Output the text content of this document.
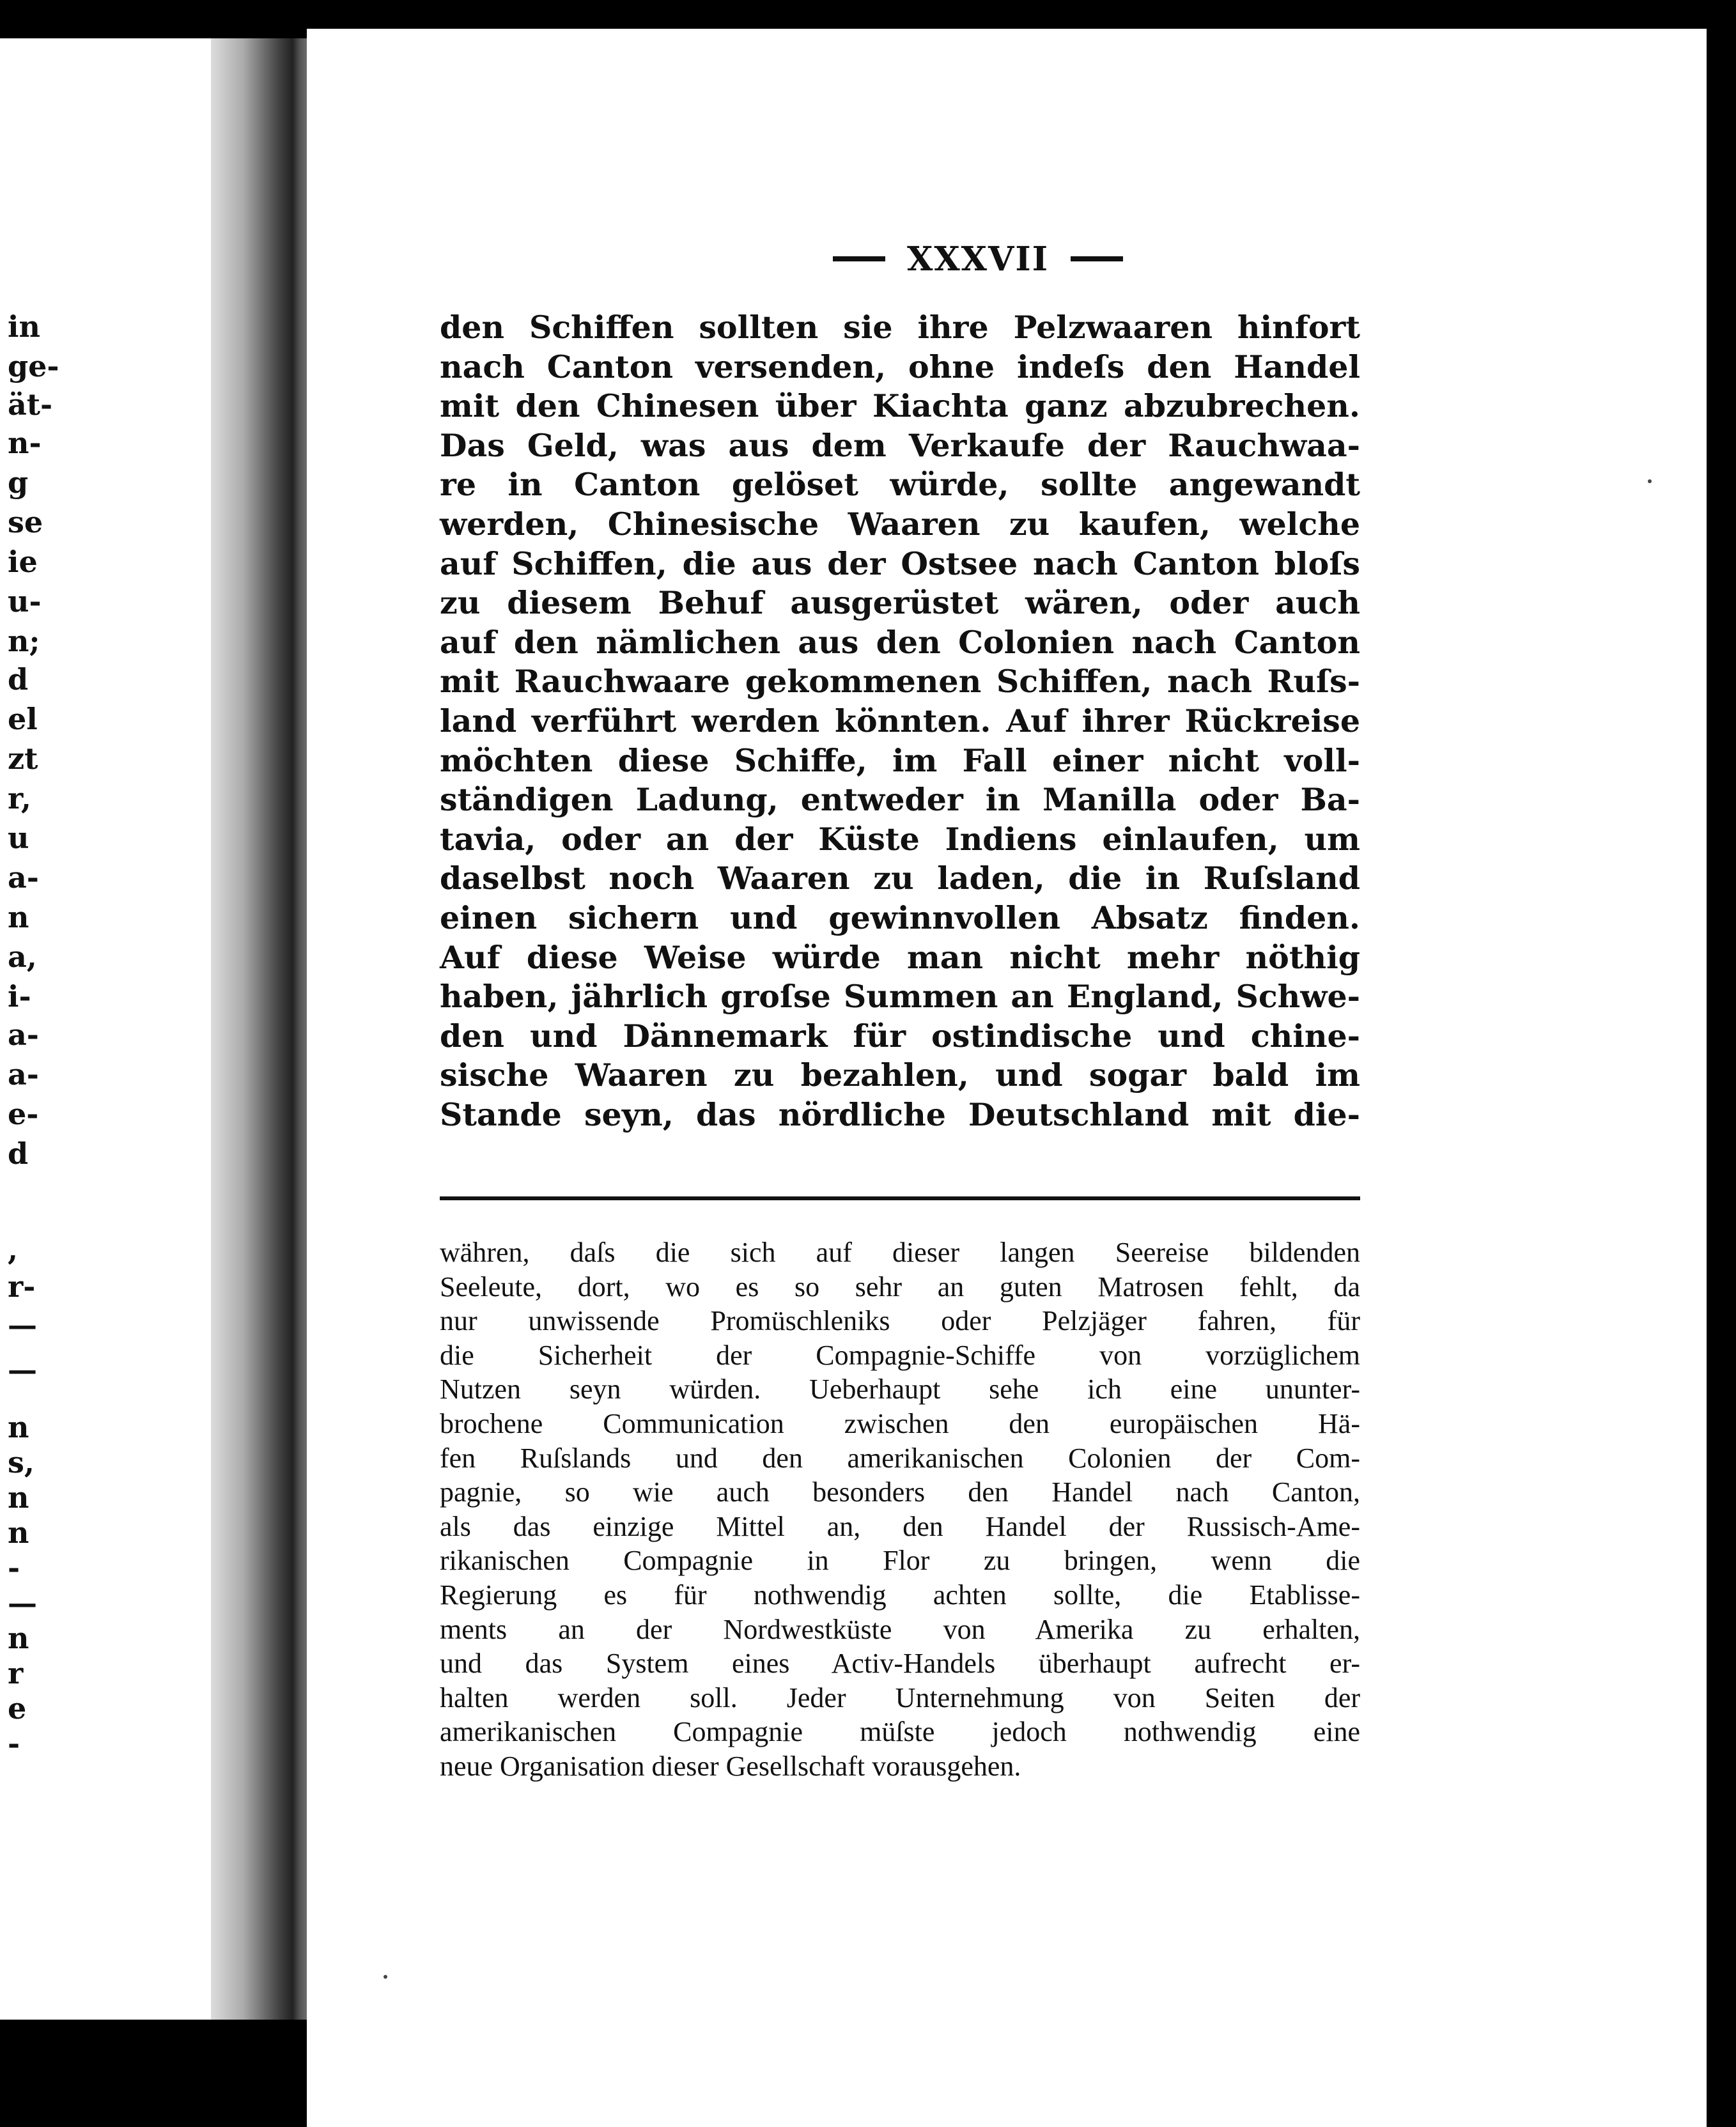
in
ge-
ät-
n-
g
se
ie
u-
n;
d
el
zt
r,
u
a-
n
a,
i-
a-
a-
e-
d
,
r-
—
—
n
s,
n
n
-
—
n
r
e
-
XXXVII
den Schiffen sollten sie ihre Pelzwaaren hinfort
nach Canton versenden, ohne indeſs den Handel
mit den Chinesen über Kiachta ganz abzubrechen.
Das Geld, was aus dem Verkaufe der Rauchwaa-
re in Canton gelöset würde, sollte angewandt
werden, Chinesische Waaren zu kaufen, welche
auf Schiffen, die aus der Ostsee nach Canton bloſs
zu diesem Behuf ausgerüstet wären, oder auch
auf den nämlichen aus den Colonien nach Canton
mit Rauchwaare gekommenen Schiffen, nach Ruſs-
land verführt werden könnten. Auf ihrer Rückreise
möchten diese Schiffe, im Fall einer nicht voll-
ständigen Ladung, entweder in Manilla oder Ba-
tavia, oder an der Küste Indiens einlaufen, um
daselbst noch Waaren zu laden, die in Ruſsland
einen sichern und gewinnvollen Absatz finden.
Auf diese Weise würde man nicht mehr nöthig
haben, jährlich groſse Summen an England, Schwe-
den und Dännemark für ostindische und chine-
sische Waaren zu bezahlen, und sogar bald im
Stande seyn, das nördliche Deutschland mit die-
währen, daſs die sich auf dieser langen Seereise bildenden
Seeleute, dort, wo es so sehr an guten Matrosen fehlt, da
nur unwissende Promüschleniks oder Pelzjäger fahren, für
die Sicherheit der Compagnie-Schiffe von vorzüglichem
Nutzen seyn würden. Ueberhaupt sehe ich eine ununter-
brochene Communication zwischen den europäischen Hä-
fen Ruſslands und den amerikanischen Colonien der Com-
pagnie, so wie auch besonders den Handel nach Canton,
als das einzige Mittel an, den Handel der Russisch-Ame-
rikanischen Compagnie in Flor zu bringen, wenn die
Regierung es für nothwendig achten sollte, die Etablisse-
ments an der Nordwestküste von Amerika zu erhalten,
und das System eines Activ-Handels überhaupt aufrecht er-
halten werden soll. Jeder Unternehmung von Seiten der
amerikanischen Compagnie müſste jedoch nothwendig eine
neue Organisation dieser Gesellschaft vorausgehen.
